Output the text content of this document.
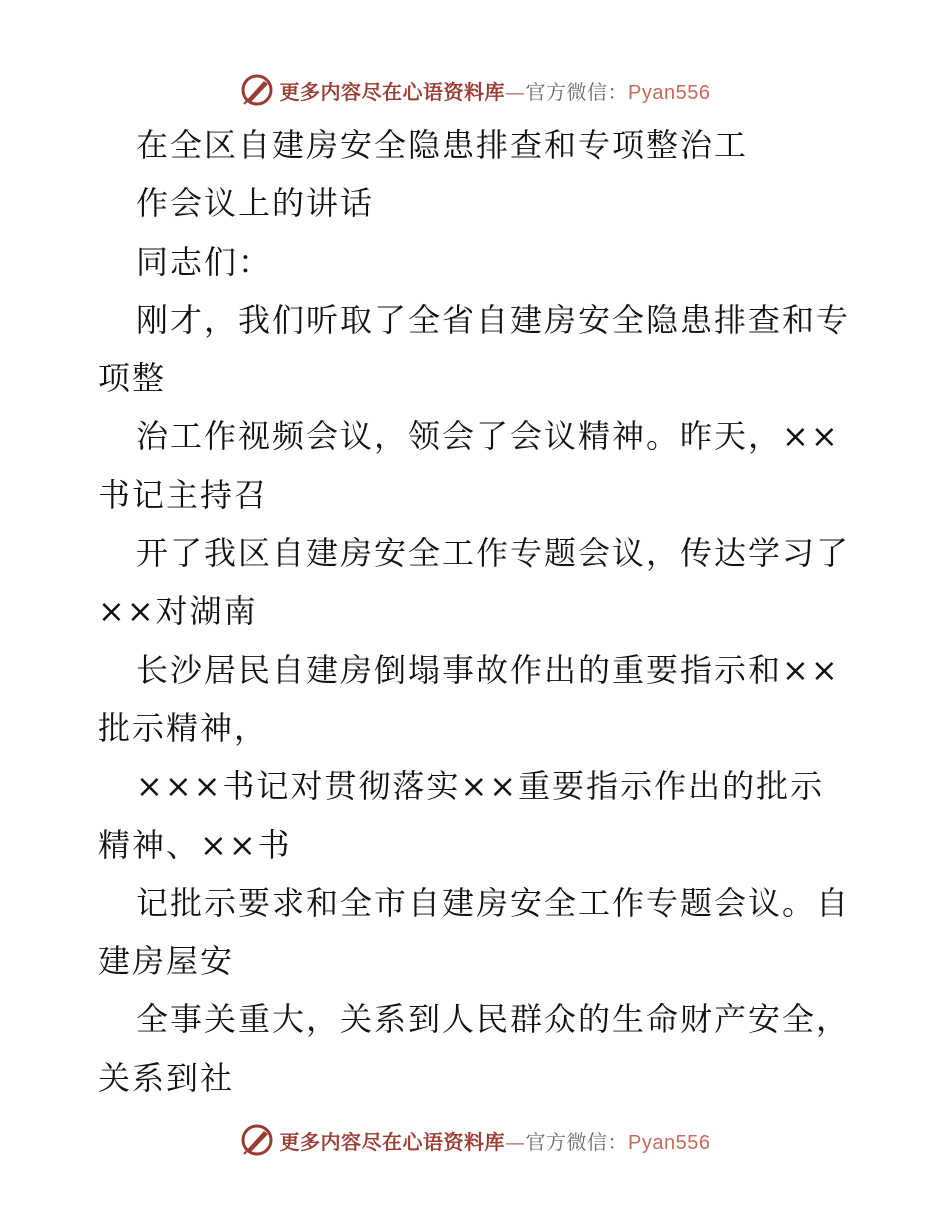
更多内容尽在心语资料库—官方微信：Pyan556
在全区自建房安全隐患排查和专项整治工
作会议上的讲话
同志们：
刚才，我们听取了全省自建房安全隐患排查和专
项整
治工作视频会议，领会了会议精神。昨天，××
书记主持召
开了我区自建房安全工作专题会议，传达学习了
××对湖南
长沙居民自建房倒塌事故作出的重要指示和××
批示精神，
×××书记对贯彻落实××重要指示作出的批示
精神、××书
记批示要求和全市自建房安全工作专题会议。自
建房屋安
全事关重大，关系到人民群众的生命财产安全，
关系到社
更多内容尽在心语资料库—官方微信：Pyan556
